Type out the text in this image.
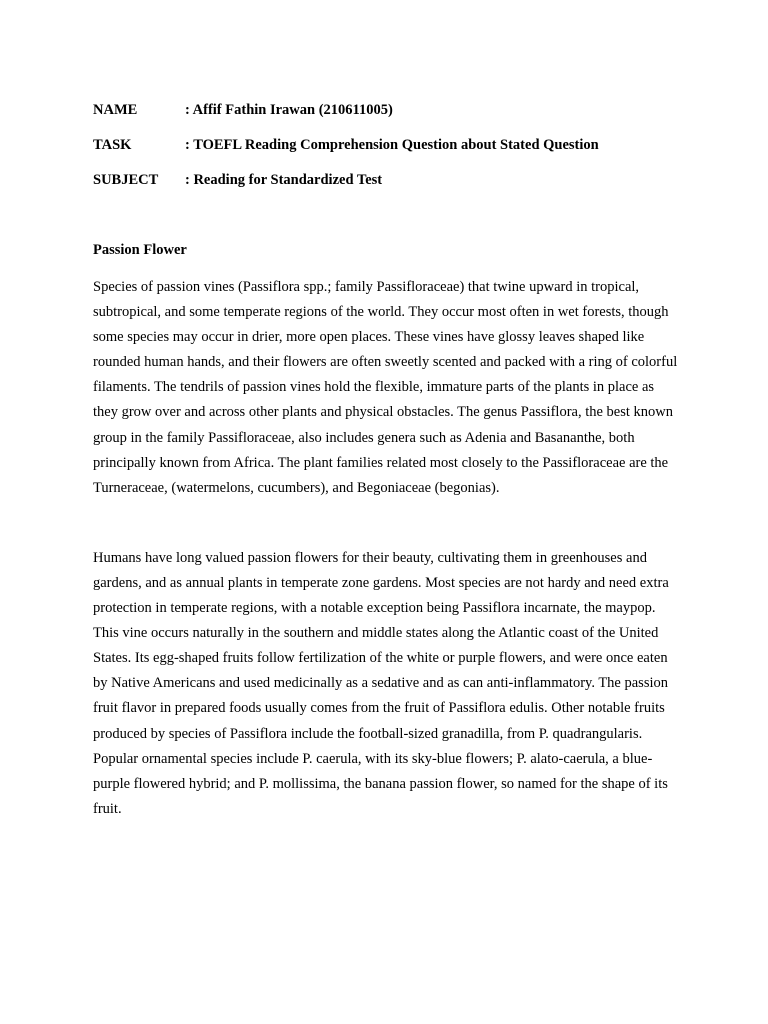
NAME	: Affif Fathin Irawan (210611005)
TASK	: TOEFL Reading Comprehension Question about Stated Question
SUBJECT	: Reading for Standardized Test
Passion Flower

Species of passion vines (Passiflora spp.; family Passifloraceae) that twine upward in tropical, subtropical, and some temperate regions of the world. They occur most often in wet forests, though some species may occur in drier, more open places. These vines have glossy leaves shaped like rounded human hands, and their flowers are often sweetly scented and packed with a ring of colorful filaments. The tendrils of passion vines hold the flexible, immature parts of the plants in place as they grow over and across other plants and physical obstacles. The genus Passiflora, the best known group in the family Passifloraceae, also includes genera such as Adenia and Basananthe, both principally known from Africa. The plant families related most closely to the Passifloraceae are the Turneraceae, (watermelons, cucumbers), and Begoniaceae (begonias).

Humans have long valued passion flowers for their beauty, cultivating them in greenhouses and gardens, and as annual plants in temperate zone gardens. Most species are not hardy and need extra protection in temperate regions, with a notable exception being Passiflora incarnate, the maypop. This vine occurs naturally in the southern and middle states along the Atlantic coast of the United States. Its egg-shaped fruits follow fertilization of the white or purple flowers, and were once eaten by Native Americans and used medicinally as a sedative and as can anti-inflammatory. The passion fruit flavor in prepared foods usually comes from the fruit of Passiflora edulis. Other notable fruits produced by species of Passiflora include the football-sized granadilla, from P. quadrangularis. Popular ornamental species include P. caerula, with its sky-blue flowers; P. alato-caerula, a blue-purple flowered hybrid; and P. mollissima, the banana passion flower, so named for the shape of its fruit.
